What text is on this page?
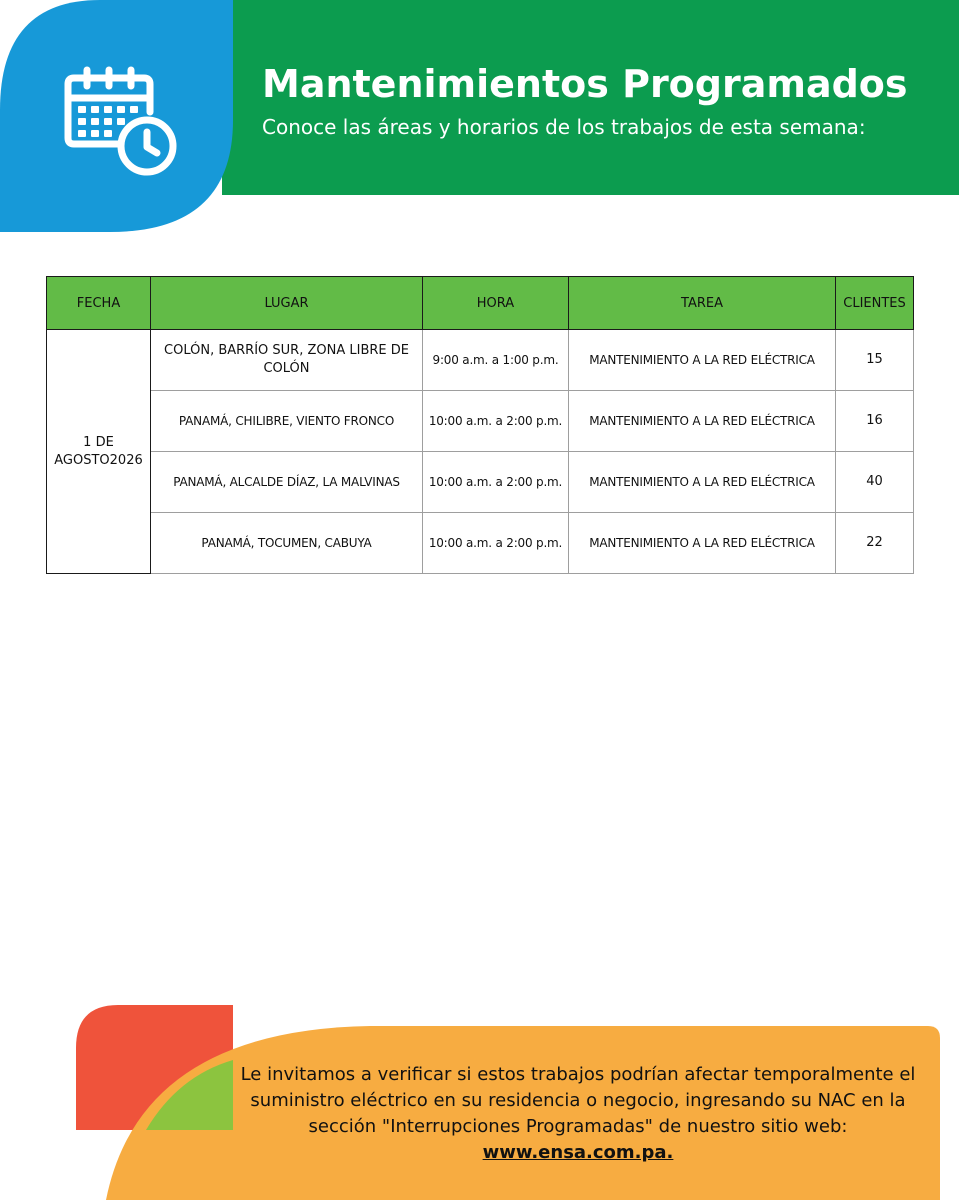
Mantenimientos Programados

Conoce las áreas y horarios de los trabajos de esta semana:

FECHA	LUGAR	HORA	TAREA	CLIENTES
1 DE AGOSTO2026	COLÓN, BARRÍO SUR, ZONA LIBRE DE COLÓN	9:00 a.m. a 1:00 p.m.	MANTENIMIENTO A LA RED ELÉCTRICA	15
	PANAMÁ, CHILIBRE, VIENTO FRONCO	10:00 a.m. a 2:00 p.m.	MANTENIMIENTO A LA RED ELÉCTRICA	16
	PANAMÁ, ALCALDE DÍAZ, LA MALVINAS	10:00 a.m. a 2:00 p.m.	MANTENIMIENTO A LA RED ELÉCTRICA	40
	PANAMÁ, TOCUMEN, CABUYA	10:00 a.m. a 2:00 p.m.	MANTENIMIENTO A LA RED ELÉCTRICA	22

Le invitamos a verificar si estos trabajos podrían afectar temporalmente el suministro eléctrico en su residencia o negocio, ingresando su NAC en la sección "Interrupciones Programadas" de nuestro sitio web: www.ensa.com.pa.
